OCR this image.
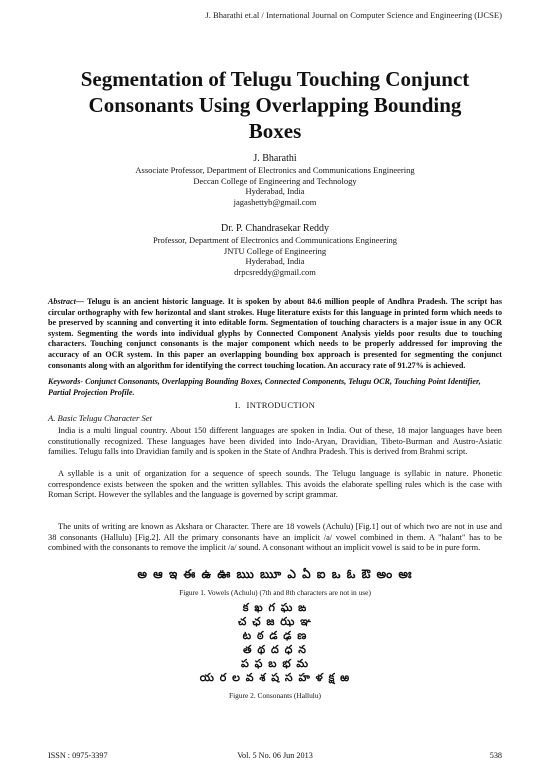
J. Bharathi et.al / International Journal on Computer Science and Engineering (IJCSE)
Segmentation of Telugu Touching Conjunct Consonants Using Overlapping Bounding Boxes
J. Bharathi
Associate Professor, Department of Electronics and Communications Engineering
Deccan College of Engineering and Technology
Hyderabad, India
jagashettyb@gmail.com
Dr. P. Chandrasekar Reddy
Professor, Department of Electronics and Communications Engineering
JNTU College of Engineering
Hyderabad, India
drpcsreddy@gmail.com

Abstract— Telugu is an ancient historic language. It is spoken by about 84.6 million people of Andhra Pradesh. The script has circular orthography with few horizontal and slant strokes. Huge literature exists for this language in printed form which needs to be preserved by scanning and converting it into editable form. Segmentation of touching characters is a major issue in any OCR system. Segmenting the words into individual glyphs by Connected Component Analysis yields poor results due to touching characters. Touching conjunct consonants is the major component which needs to be properly addressed for improving the accuracy of an OCR system. In this paper an overlapping bounding box approach is presented for segmenting the conjunct consonants along with an algorithm for identifying the correct touching location. An accuracy rate of 91.27% is achieved.

Keywords- Conjunct Consonants, Overlapping Bounding Boxes, Connected Components, Telugu OCR, Touching Point Identifier, Partial Projection Profile.

I. INTRODUCTION
A. Basic Telugu Character Set

India is a multi lingual country. About 150 different languages are spoken in India. Out of these, 18 major languages have been constitutionally recognized. These languages have been divided into Indo-Aryan, Dravidian, Tibeto-Burman and Austro-Asiatic families. Telugu falls into Dravidian family and is spoken in the State of Andhra Pradesh. This is derived from Brahmi script.

A syllable is a unit of organization for a sequence of speech sounds. The Telugu language is syllabic in nature. Phonetic correspondence exists between the spoken and the written syllables. This avoids the elaborate spelling rules which is the case with Roman Script. However the syllables and the language is governed by script grammar.

The units of writing are known as Akshara or Character. There are 18 vowels (Achulu) [Fig.1] out of which two are not in use and 38 consonants (Hallulu) [Fig.2]. All the primary consonants have an implicit /a/ vowel combined in them. A "halant" has to be combined with the consonants to remove the implicit /a/ sound. A consonant without an implicit vowel is said to be in pure form.

అ ఆ ఇ ఈ ఉ ఊ ఋ ౠ ఎ ఏ ఐ ఒ ఓ ఔ అం అః
Figure 1. Vowels (Achulu) (7th and 8th characters are not in use)
క ఖ గ ఘ ఙ
చ ఛ జ ఝ ఞ
ట ఠ డ ఢ ణ
త థ ద ధ న
ప ఫ బ భ మ
య ర ల వ శ ష స హ ళ క్ష ఱ
Figure 2. Consonants (Hallulu)
ISSN : 0975-3397	Vol. 5 No. 06 Jun 2013	538
